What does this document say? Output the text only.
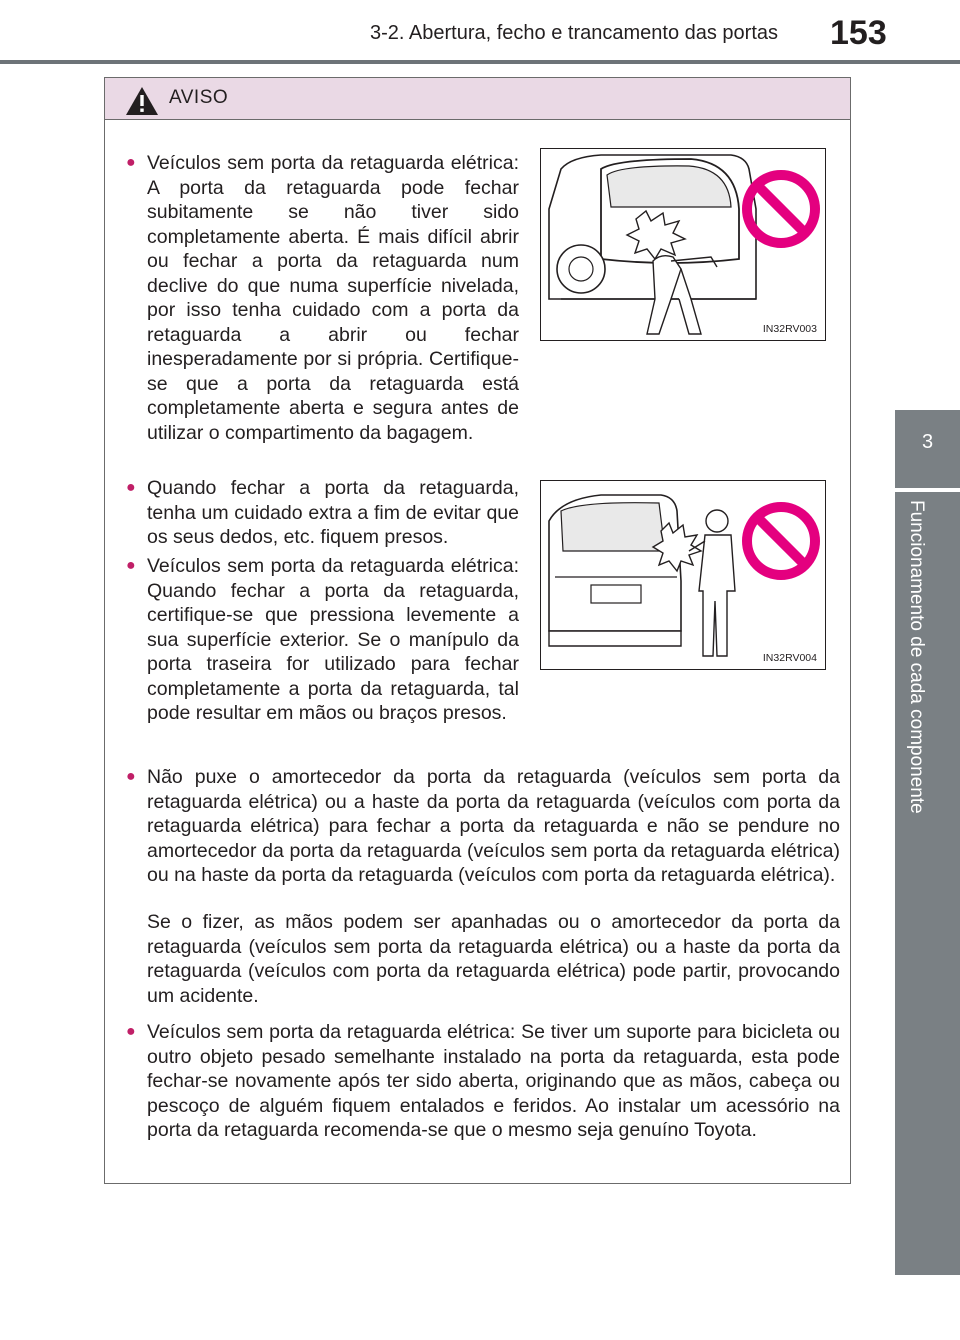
3-2. Abertura, fecho e trancamento das portas	153
3
Funcionamento de cada componente
AVISO
● Veículos sem porta da retaguarda elétrica: A porta da retaguarda pode fechar subitamente se não tiver sido completamente aberta. É mais difícil abrir ou fechar a porta da retaguarda num declive do que numa superfície nivelada, por isso tenha cuidado com a porta da retaguarda a abrir ou fechar inesperadamente por si própria. Certifique-se que a porta da retaguarda está completamente aberta e segura antes de utilizar o compartimento da bagagem.
IN32RV003
● Quando fechar a porta da retaguarda, tenha um cuidado extra a fim de evitar que os seus dedos, etc. fiquem presos.
IN32RV004
● Veículos sem porta da retaguarda elétrica: Quando fechar a porta da retaguarda, certifique-se que pressiona levemente a sua superfície exterior. Se o manípulo da porta traseira for utilizado para fechar completamente a porta da retaguarda, tal pode resultar em mãos ou braços presos.
● Não puxe o amortecedor da porta da retaguarda (veículos sem porta da retaguarda elétrica) ou a haste da porta da retaguarda (veículos com porta da retaguarda elétrica) para fechar a porta da retaguarda e não se pendure no amortecedor da porta da retaguarda (veículos sem porta da retaguarda elétrica) ou na haste da porta da retaguarda (veículos com porta da retaguarda elétrica).
Se o fizer, as mãos podem ser apanhadas ou o amortecedor da porta da retaguarda (veículos sem porta da retaguarda elétrica) ou a haste da porta da retaguarda (veículos com porta da retaguarda elétrica) pode partir, provocando um acidente.
● Veículos sem porta da retaguarda elétrica: Se tiver um suporte para bicicleta ou outro objeto pesado semelhante instalado na porta da retaguarda, esta pode fechar-se novamente após ter sido aberta, originando que as mãos, cabeça ou pescoço de alguém fiquem entalados e feridos. Ao instalar um acessório na porta da retaguarda recomenda-se que o mesmo seja genuíno Toyota.
